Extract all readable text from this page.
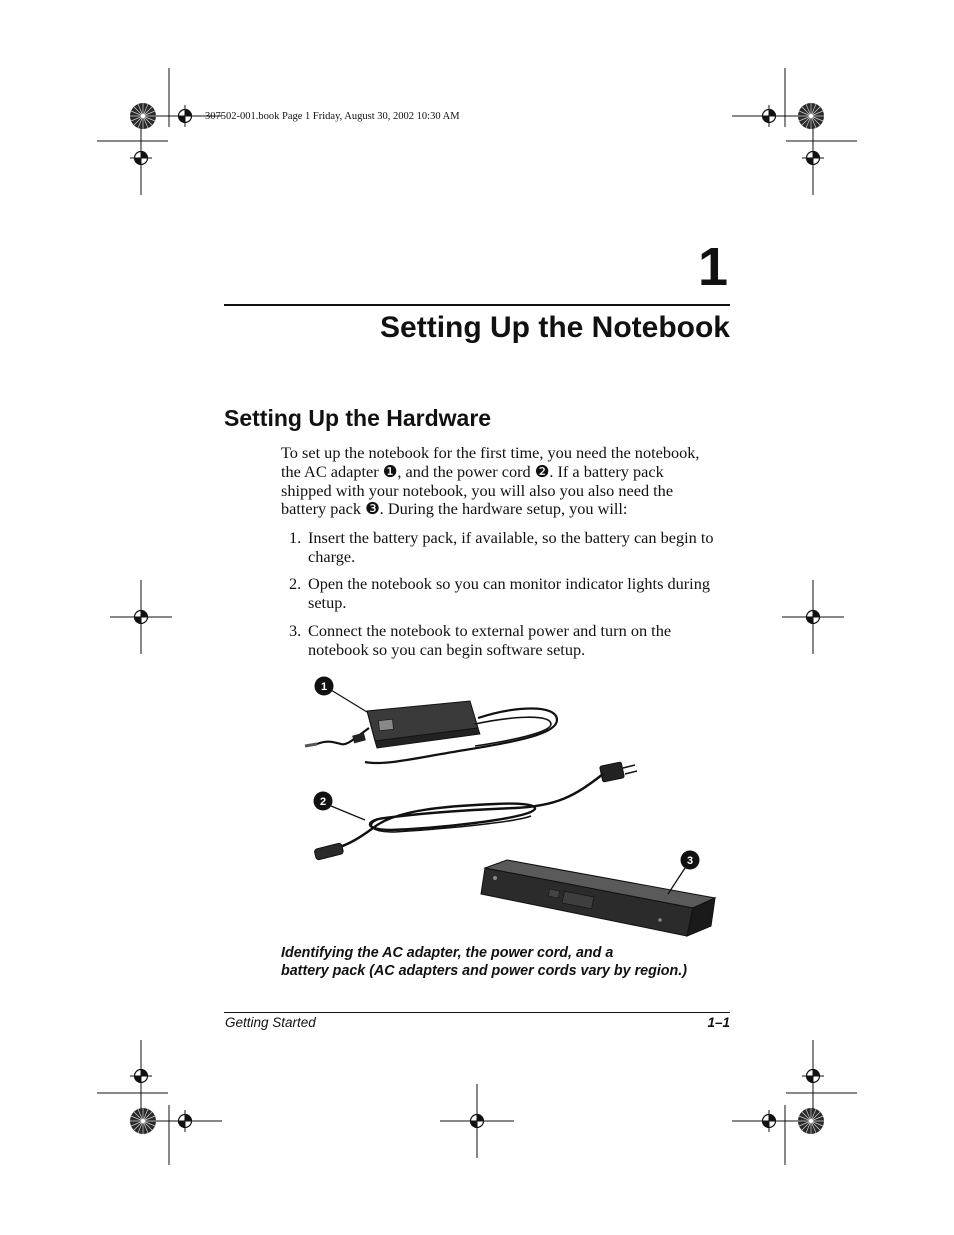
307502-001.book Page 1 Friday, August 30, 2002 10:30 AM
1
Setting Up the Notebook
Setting Up the Hardware

To set up the notebook for the first time, you need the notebook,

the AC adapter ❶, and the power cord ❷. If a battery pack

shipped with your notebook, you will also you also need the

battery pack ❸. During the hardware setup, you will:

1. Insert the battery pack, if available, so the battery can begin to
charge.
2. Open the notebook so you can monitor indicator lights during
setup.
3. Connect the notebook to external power and turn on the
notebook so you can begin software setup.
1
2
3
Identifying the AC adapter, the power cord, and a
battery pack (AC adapters and power cords vary by region.)
Getting Started	1–1
